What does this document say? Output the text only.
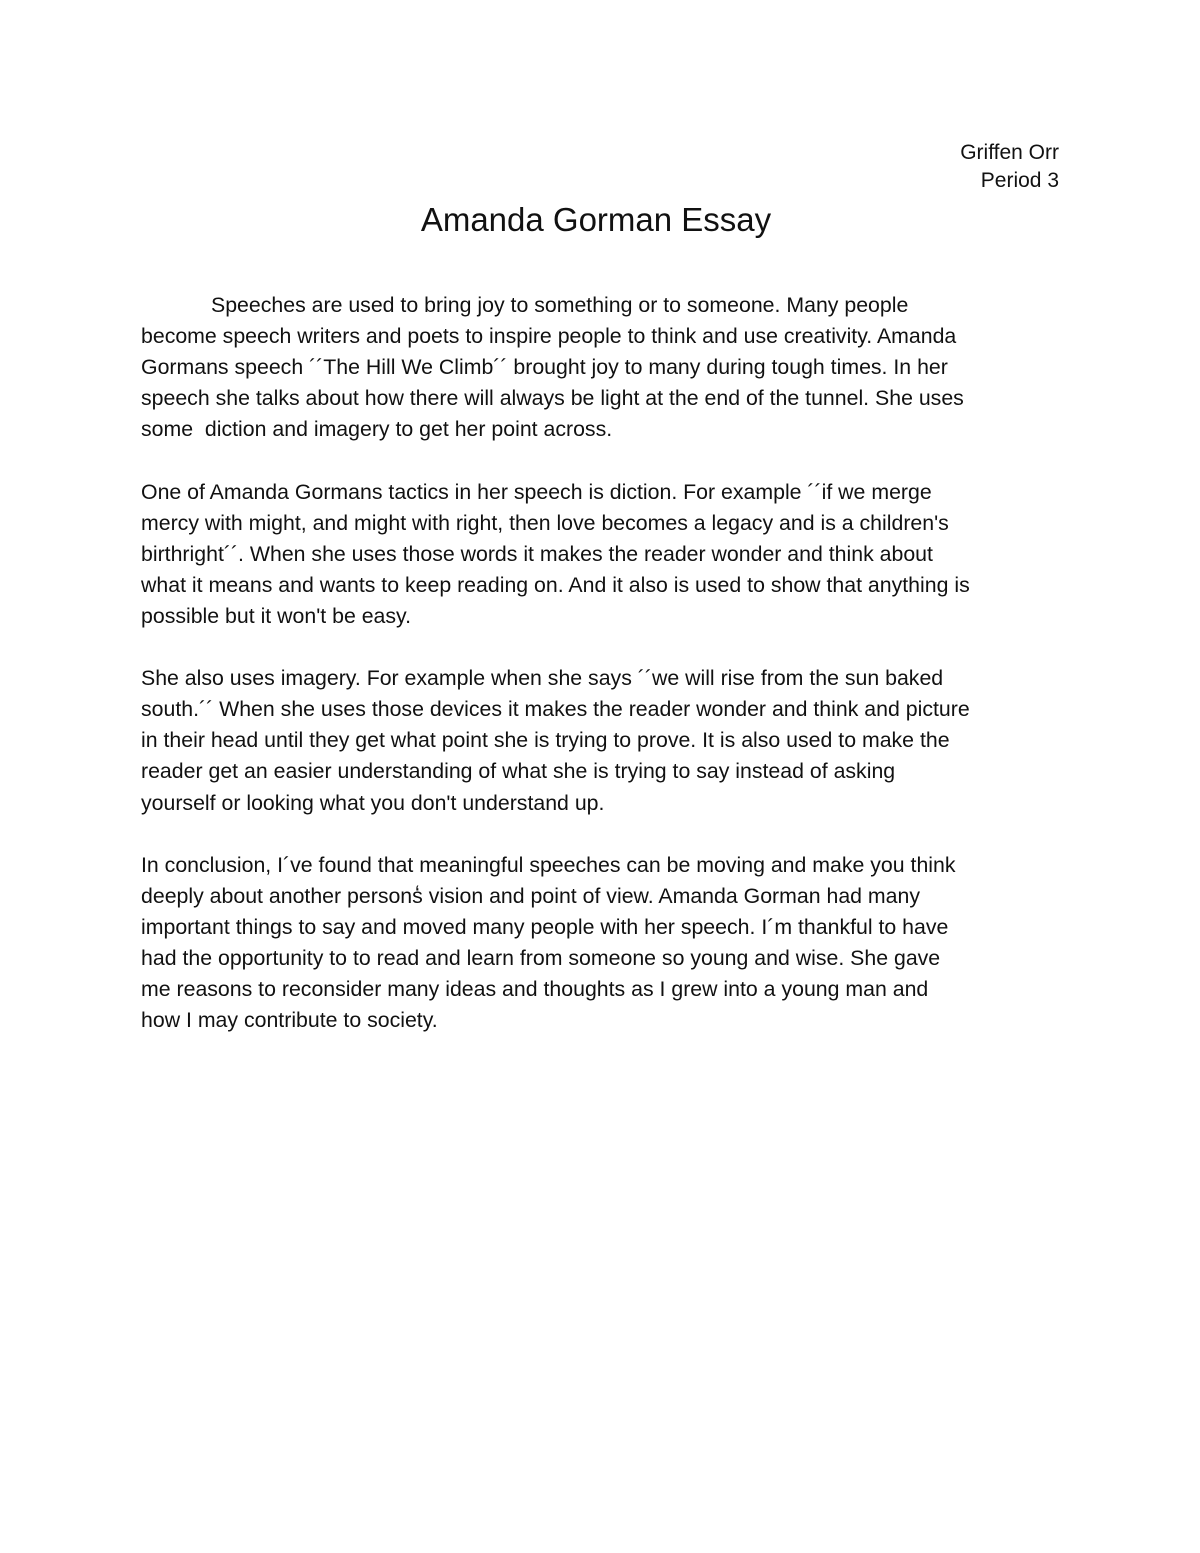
Griffen Orr
Period 3
Amanda Gorman Essay
Speeches are used to bring joy to something or to someone. Many people
become speech writers and poets to inspire people to think and use creativity. Amanda
Gormans speech ´´The Hill We Climb´´ brought joy to many during tough times. In her
speech she talks about how there will always be light at the end of the tunnel. She uses
some  diction and imagery to get her point across.
One of Amanda Gormans tactics in her speech is diction. For example ´´if we merge
mercy with might, and might with right, then love becomes a legacy and is a children's
birthright´´. When she uses those words it makes the reader wonder and think about
what it means and wants to keep reading on. And it also is used to show that anything is
possible but it won't be easy.
She also uses imagery. For example when she says ´´we will rise from the sun baked
south.´´ When she uses those devices it makes the reader wonder and think and picture
in their head until they get what point she is trying to prove. It is also used to make the
reader get an easier understanding of what she is trying to say instead of asking
yourself or looking what you don't understand up.
In conclusion, I´ve found that meaningful speeches can be moving and make you think
deeply about another persons̒ vision and point of view. Amanda Gorman had many
important things to say and moved many people with her speech. I´m thankful to have
had the opportunity to to read and learn from someone so young and wise. She gave
me reasons to reconsider many ideas and thoughts as I grew into a young man and
how I may contribute to society.
